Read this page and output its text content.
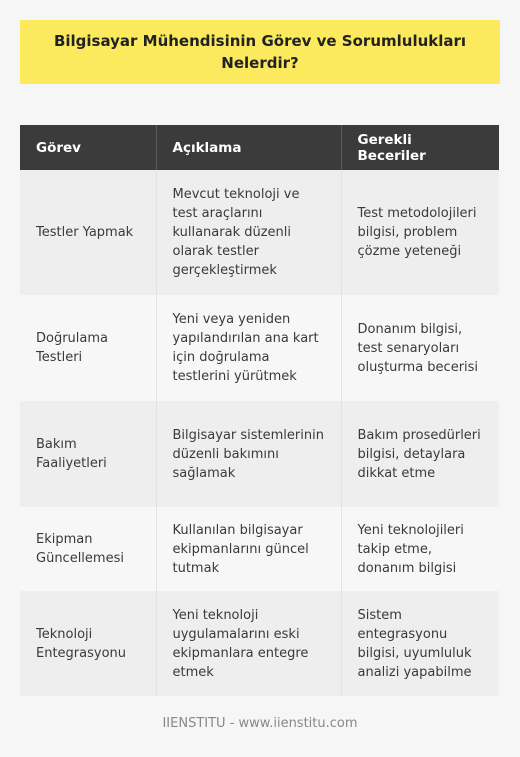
Bilgisayar Mühendisinin Görev ve Sorumlulukları Nelerdir?
Görev	Açıklama	Gerekli Beceriler
Testler Yapmak	Mevcut teknoloji ve test araçlarını kullanarak düzenli olarak testler gerçekleştirmek	Test metodolojileri bilgisi, problem çözme yeteneği
Doğrulama Testleri	Yeni veya yeniden yapılandırılan ana kart için doğrulama testlerini yürütmek	Donanım bilgisi, test senaryoları oluşturma becerisi
Bakım Faaliyetleri	Bilgisayar sistemlerinin düzenli bakımını sağlamak	Bakım prosedürleri bilgisi, detaylara dikkat etme
Ekipman Güncellemesi	Kullanılan bilgisayar ekipmanlarını güncel tutmak	Yeni teknolojileri takip etme, donanım bilgisi
Teknoloji Entegrasyonu	Yeni teknoloji uygulamalarını eski ekipmanlara entegre etmek	Sistem entegrasyonu bilgisi, uyumluluk analizi yapabilme
IIENSTITU - www.iienstitu.com
